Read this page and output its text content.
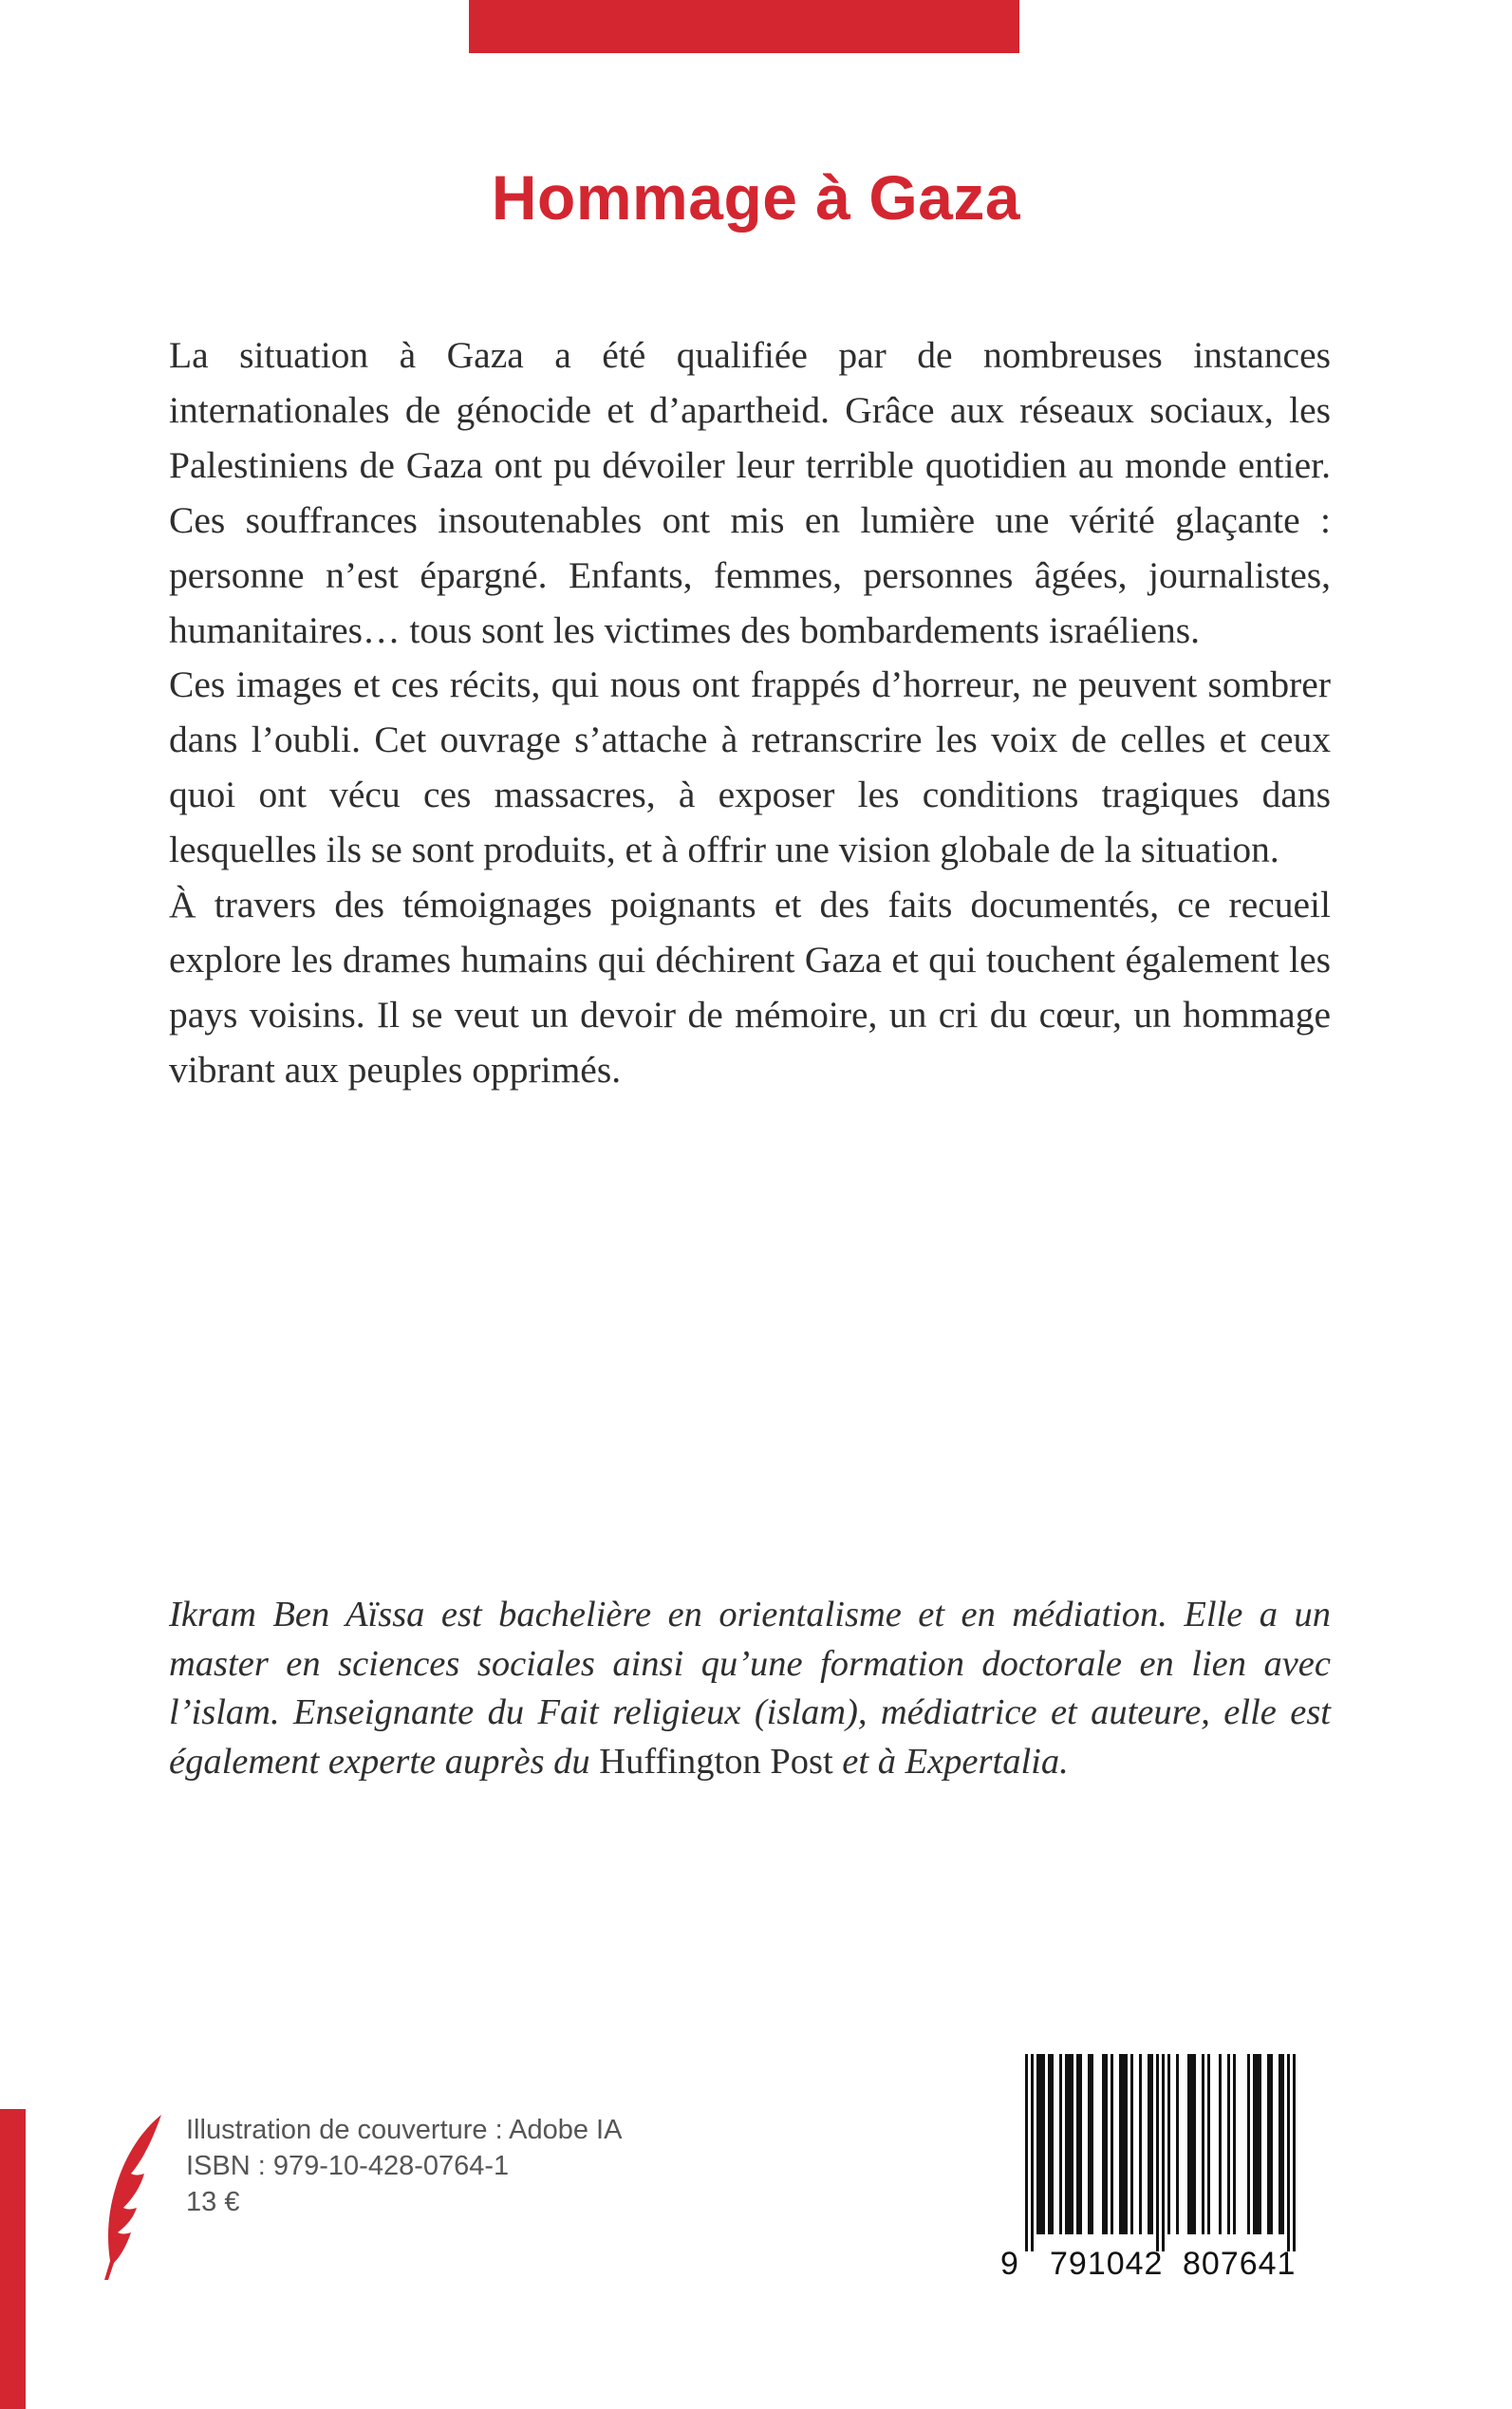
Hommage à Gaza

La situation à Gaza a été qualifiée par de nombreuses instances internationales de génocide et d’apartheid. Grâce aux réseaux sociaux, les Palestiniens de Gaza ont pu dévoiler leur terrible quotidien au monde entier. Ces souffrances insoutenables ont mis en lumière une vérité glaçante : personne n’est épargné. Enfants, femmes, personnes âgées, journalistes, humanitaires… tous sont les victimes des bombardements israéliens.

Ces images et ces récits, qui nous ont frappés d’horreur, ne peuvent sombrer dans l’oubli. Cet ouvrage s’attache à retranscrire les voix de celles et ceux quoi ont vécu ces massacres, à exposer les conditions tragiques dans lesquelles ils se sont produits, et à offrir une vision globale de la situation.

À travers des témoignages poignants et des faits documentés, ce recueil explore les drames humains qui déchirent Gaza et qui touchent également les pays voisins. Il se veut un devoir de mémoire, un cri du cœur, un hommage vibrant aux peuples opprimés.

Ikram Ben Aïssa est bachelière en orientalisme et en médiation. Elle a un master en sciences sociales ainsi qu’une formation doctorale en lien avec l’islam. Enseignante du Fait religieux (islam), médiatrice et auteure, elle est également experte auprès du Huffington Post et à Expertalia.

Illustration de couverture : Adobe IA
ISBN : 979-10-428-0764-1
13 €
9 791042 807641
